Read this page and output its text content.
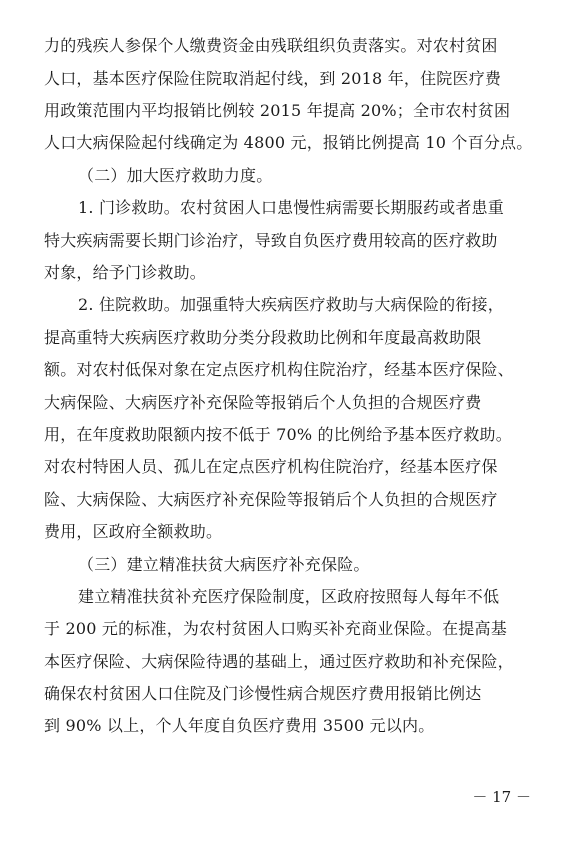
力的残疾人参保个人缴费资金由残联组织负责落实。对农村贫困
人口，基本医疗保险住院取消起付线，到 2018 年，住院医疗费
用政策范围内平均报销比例较 2015 年提高 20%；全市农村贫困
人口大病保险起付线确定为 4800 元，报销比例提高 10 个百分点。
（二）加大医疗救助力度。
1. 门诊救助。农村贫困人口患慢性病需要长期服药或者患重
特大疾病需要长期门诊治疗，导致自负医疗费用较高的医疗救助
对象，给予门诊救助。
2. 住院救助。加强重特大疾病医疗救助与大病保险的衔接，
提高重特大疾病医疗救助分类分段救助比例和年度最高救助限
额。对农村低保对象在定点医疗机构住院治疗，经基本医疗保险、
大病保险、大病医疗补充保险等报销后个人负担的合规医疗费
用，在年度救助限额内按不低于 70% 的比例给予基本医疗救助。
对农村特困人员、孤儿在定点医疗机构住院治疗，经基本医疗保
险、大病保险、大病医疗补充保险等报销后个人负担的合规医疗
费用，区政府全额救助。
（三）建立精准扶贫大病医疗补充保险。
建立精准扶贫补充医疗保险制度，区政府按照每人每年不低
于 200 元的标准，为农村贫困人口购买补充商业保险。在提高基
本医疗保险、大病保险待遇的基础上，通过医疗救助和补充保险，
确保农村贫困人口住院及门诊慢性病合规医疗费用报销比例达
到 90% 以上，个人年度自负医疗费用 3500 元以内。
－ 17 －
